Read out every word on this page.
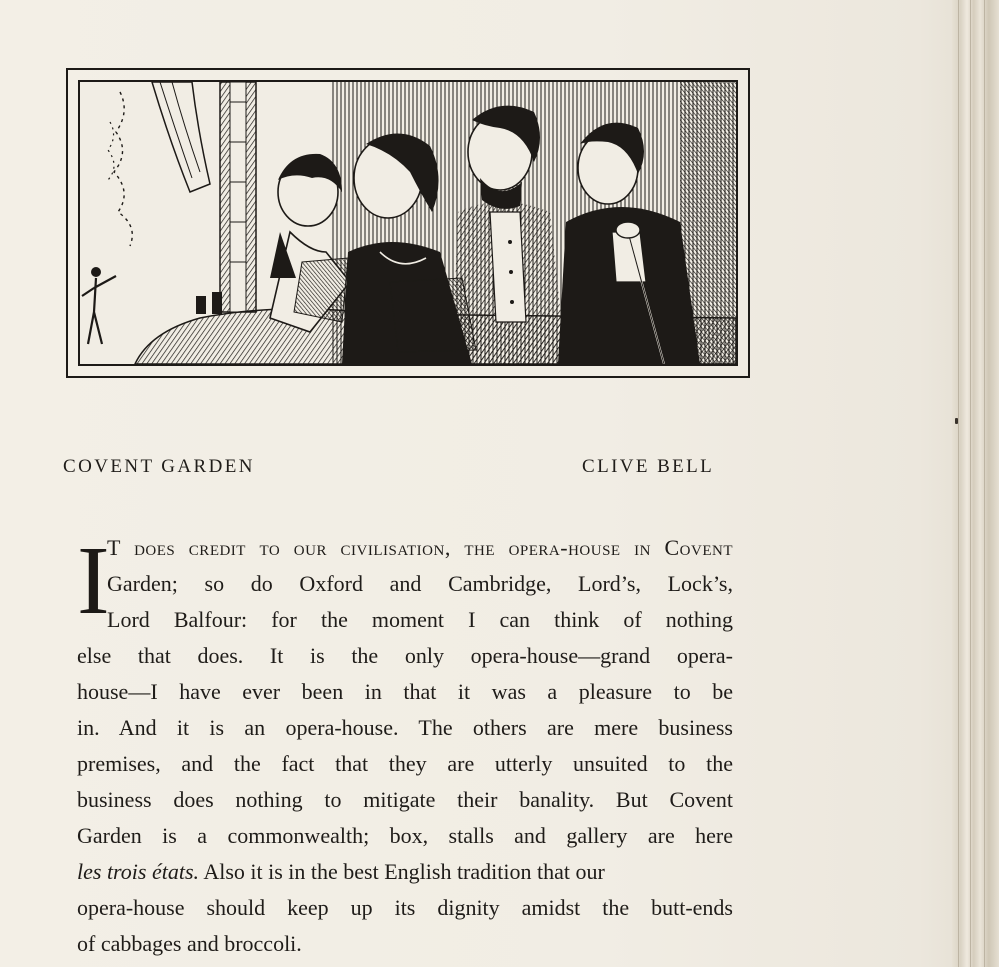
COVENT GARDEN	CLIVE BELL
I
T does credit to our civilisation, the opera-house in Covent
Garden; so do Oxford and Cambridge, Lord’s, Lock’s,
Lord Balfour: for the moment I can think of nothing
else that does. It is the only opera-house—grand opera-
house—I have ever been in that it was a pleasure to be
in. And it is an opera-house. The others are mere business
premises, and the fact that they are utterly unsuited to the
business does nothing to mitigate their banality. But Covent
Garden is a commonwealth; box, stalls and gallery are here
les trois états. Also it is in the best English tradition that our
opera-house should keep up its dignity amidst the butt-ends
of cabbages and broccoli.
